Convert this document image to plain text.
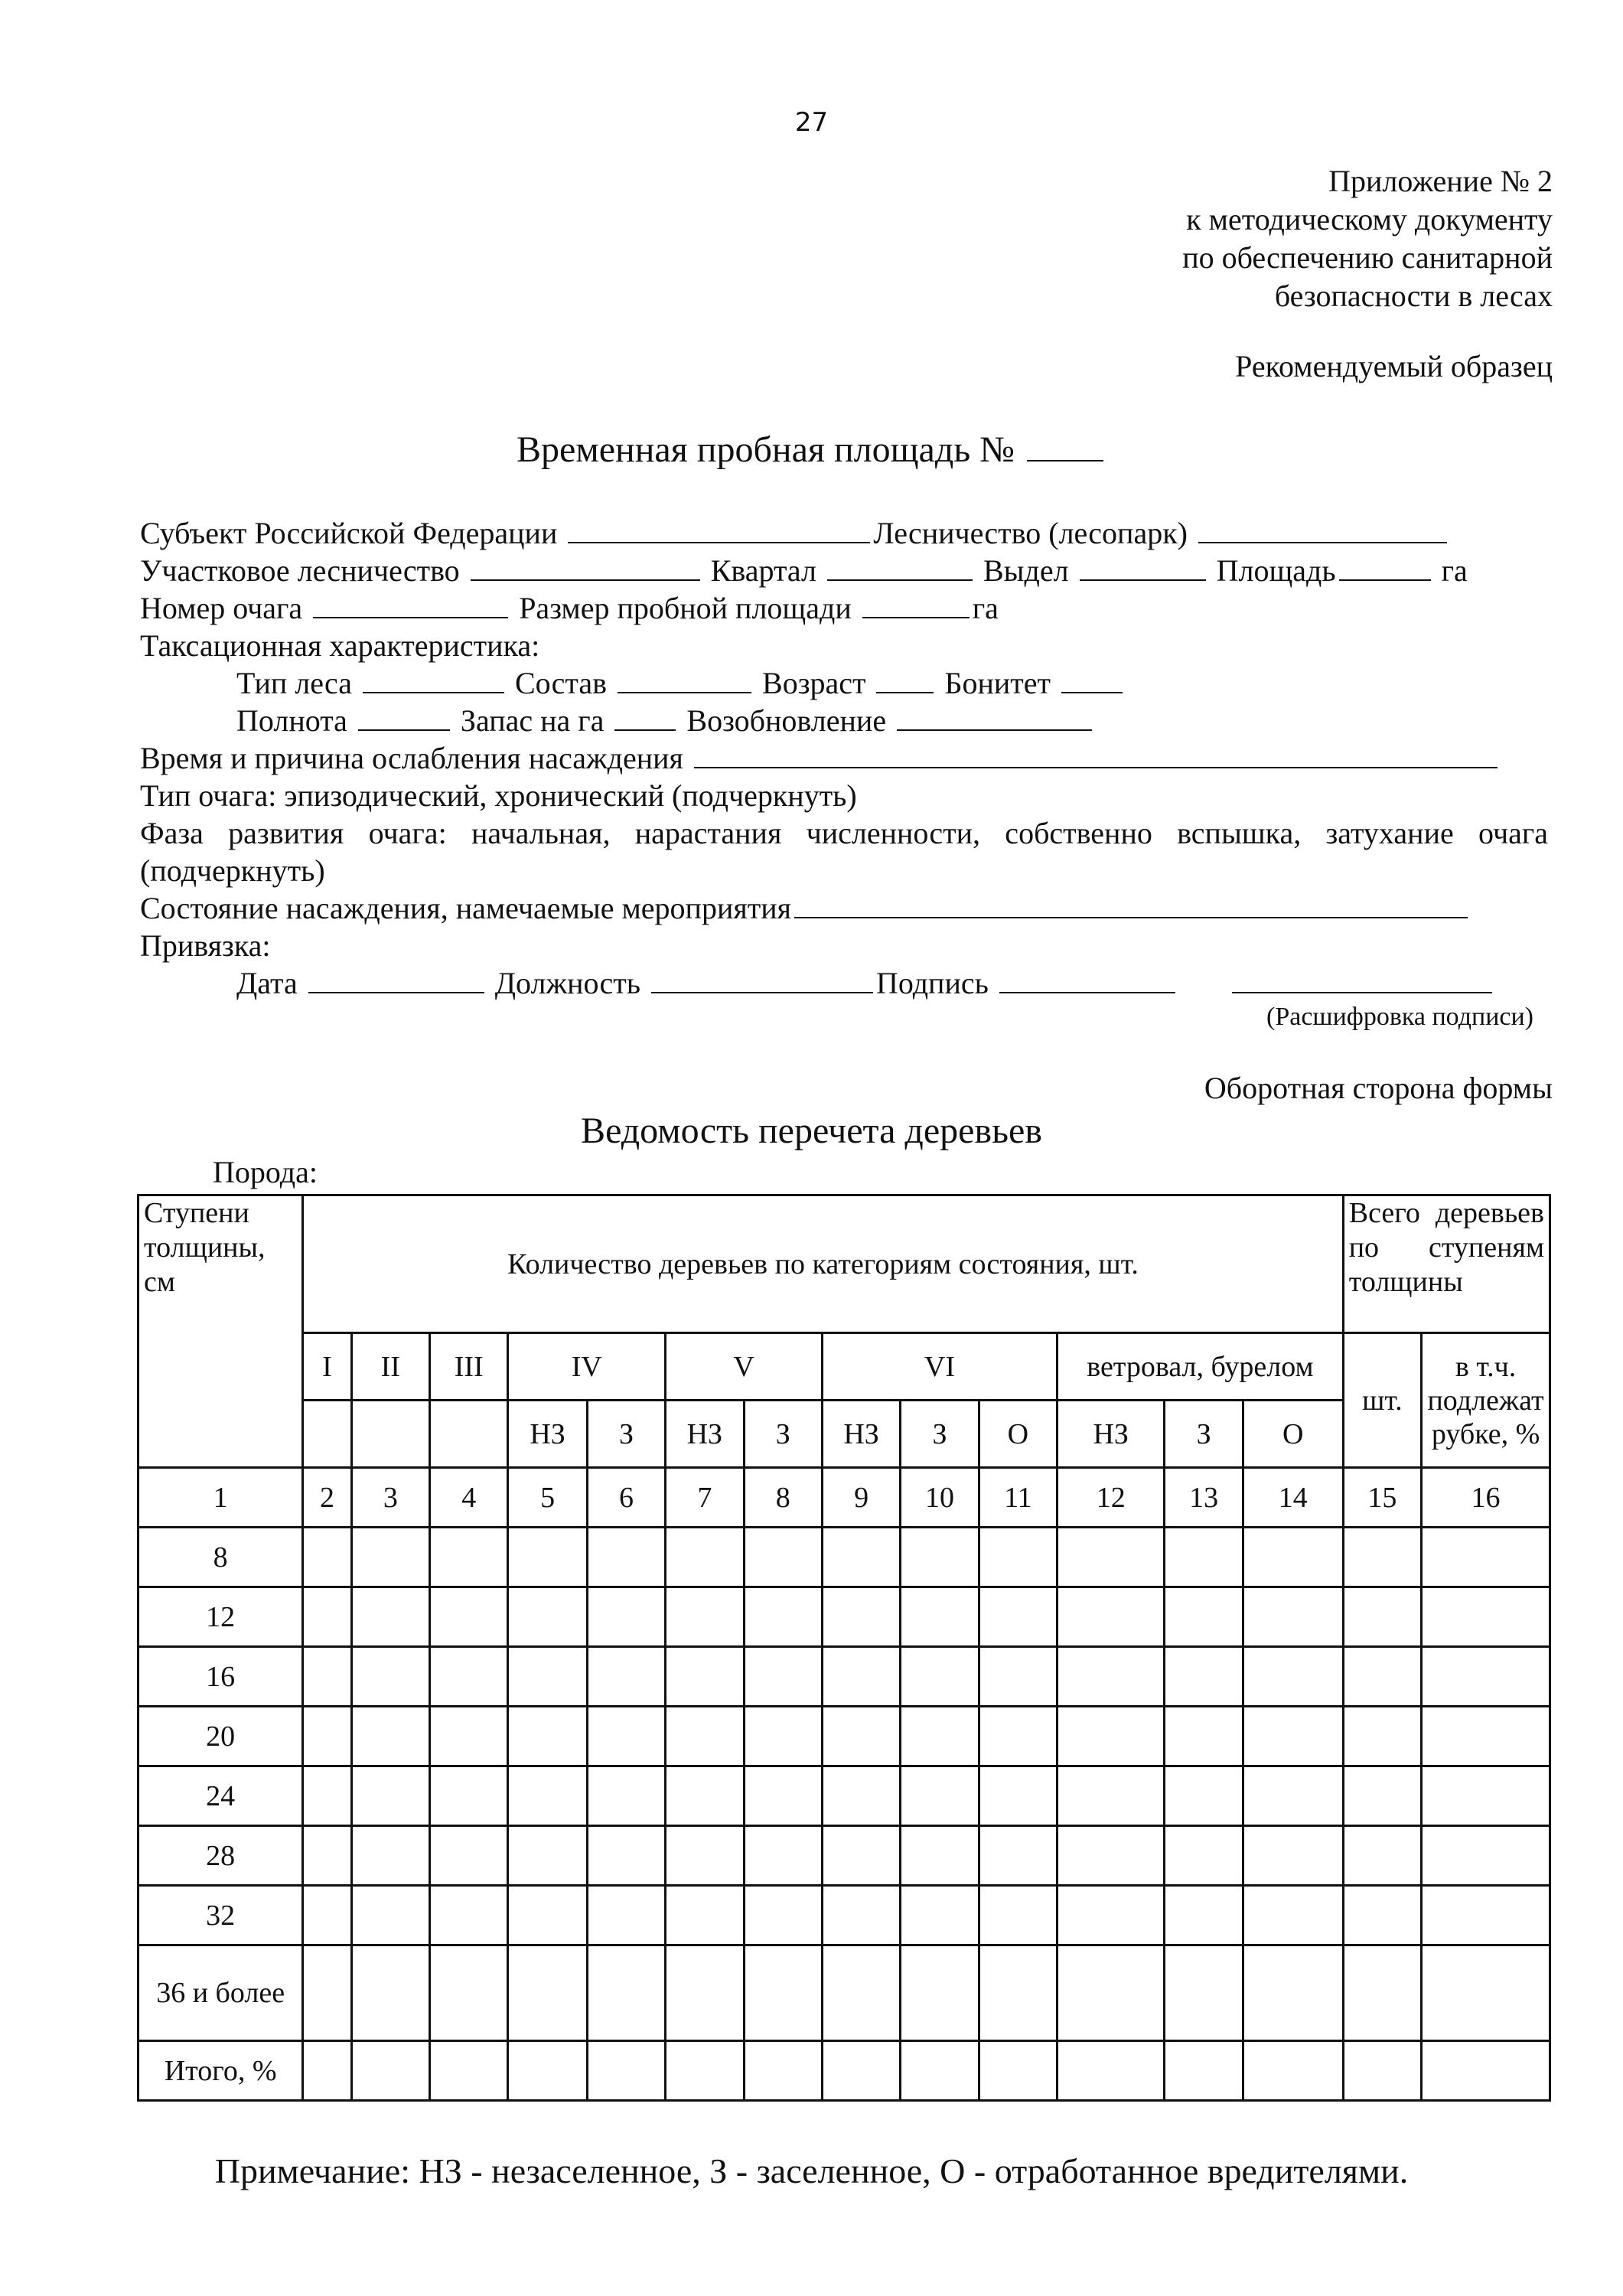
27
Приложение № 2
к методическому документу
по обеспечению санитарной
безопасности в лесах
Рекомендуемый образец
Временная пробная площадь №
Субъект Российской Федерации	Лесничество (лесопарк)
Участковое лесничество	Квартал	Выдел	Площадь	га
Номер очага	Размер пробной площади	га
Таксационная характеристика:
Тип леса	Состав	Возраст	Бонитет
Полнота	Запас на га	Возобновление
Время и причина ослабления насаждения
Тип очага: эпизодический, хронический (подчеркнуть)
Фаза развития очага: начальная, нарастания численности, собственно вспышка, затухание очага
(подчеркнуть)
Состояние насаждения, намечаемые мероприятия
Привязка:
Дата	Должность	Подпись
(Расшифровка подписи)
Оборотная сторона формы
Ведомость перечета деревьев
Порода:
Ступени толщины, см	Количество деревьев по категориям состояния, шт.													Всего деревьев по ступеням толщины	
	I	II	III	IV		V		VI			ветровал, бурелом			шт.	в т.ч. подлежат рубке, %
				НЗ	З	НЗ	З	НЗ	З	О	НЗ	З	О		
1	2	3	4	5	6	7	8	9	10	11	12	13	14	15	16
8															
12															
16															
20															
24															
28															
32															
36 и более															
Итого, %															
Примечание: НЗ - незаселенное, З - заселенное, О - отработанное вредителями.
